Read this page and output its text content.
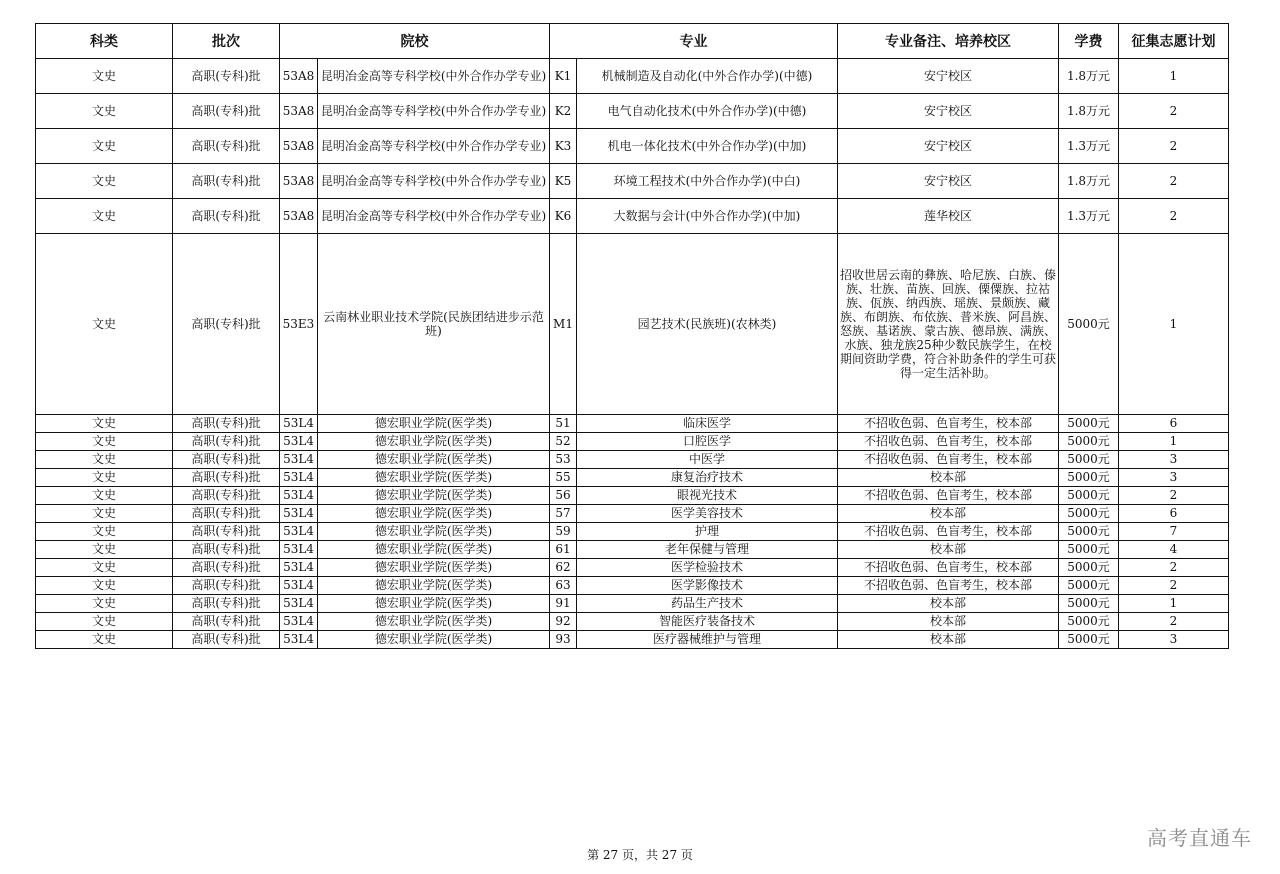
科类	批次	院校		专业		专业备注、培养校区	学费	征集志愿计划
文史	高职(专科)批	53A8	昆明冶金高等专科学校(中外合作办学专业)	K1	机械制造及自动化(中外合作办学)(中德)	安宁校区	1.8万元	1
文史	高职(专科)批	53A8	昆明冶金高等专科学校(中外合作办学专业)	K2	电气自动化技术(中外合作办学)(中德)	安宁校区	1.8万元	2
文史	高职(专科)批	53A8	昆明冶金高等专科学校(中外合作办学专业)	K3	机电一体化技术(中外合作办学)(中加)	安宁校区	1.3万元	2
文史	高职(专科)批	53A8	昆明冶金高等专科学校(中外合作办学专业)	K5	环境工程技术(中外合作办学)(中白)	安宁校区	1.8万元	2
文史	高职(专科)批	53A8	昆明冶金高等专科学校(中外合作办学专业)	K6	大数据与会计(中外合作办学)(中加)	莲华校区	1.3万元	2
文史	高职(专科)批	53E3	云南林业职业技术学院(民族团结进步示范班)	M1	园艺技术(民族班)(农林类)	招收世居云南的彝族、哈尼族、白族、傣族、壮族、苗族、回族、傈僳族、拉祜族、佤族、纳西族、瑶族、景颇族、藏族、布朗族、布依族、普米族、阿昌族、怒族、基诺族、蒙古族、德昂族、满族、水族、独龙族25种少数民族学生，在校期间资助学费，符合补助条件的学生可获得一定生活补助。	5000元	1
文史	高职(专科)批	53L4	德宏职业学院(医学类)	51	临床医学	不招收色弱、色盲考生，校本部	5000元	6
文史	高职(专科)批	53L4	德宏职业学院(医学类)	52	口腔医学	不招收色弱、色盲考生，校本部	5000元	1
文史	高职(专科)批	53L4	德宏职业学院(医学类)	53	中医学	不招收色弱、色盲考生，校本部	5000元	3
文史	高职(专科)批	53L4	德宏职业学院(医学类)	55	康复治疗技术	校本部	5000元	3
文史	高职(专科)批	53L4	德宏职业学院(医学类)	56	眼视光技术	不招收色弱、色盲考生，校本部	5000元	2
文史	高职(专科)批	53L4	德宏职业学院(医学类)	57	医学美容技术	校本部	5000元	6
文史	高职(专科)批	53L4	德宏职业学院(医学类)	59	护理	不招收色弱、色盲考生，校本部	5000元	7
文史	高职(专科)批	53L4	德宏职业学院(医学类)	61	老年保健与管理	校本部	5000元	4
文史	高职(专科)批	53L4	德宏职业学院(医学类)	62	医学检验技术	不招收色弱、色盲考生，校本部	5000元	2
文史	高职(专科)批	53L4	德宏职业学院(医学类)	63	医学影像技术	不招收色弱、色盲考生，校本部	5000元	2
文史	高职(专科)批	53L4	德宏职业学院(医学类)	91	药品生产技术	校本部	5000元	1
文史	高职(专科)批	53L4	德宏职业学院(医学类)	92	智能医疗装备技术	校本部	5000元	2
文史	高职(专科)批	53L4	德宏职业学院(医学类)	93	医疗器械维护与管理	校本部	5000元	3
第 27 页，共 27 页
高考直通车
